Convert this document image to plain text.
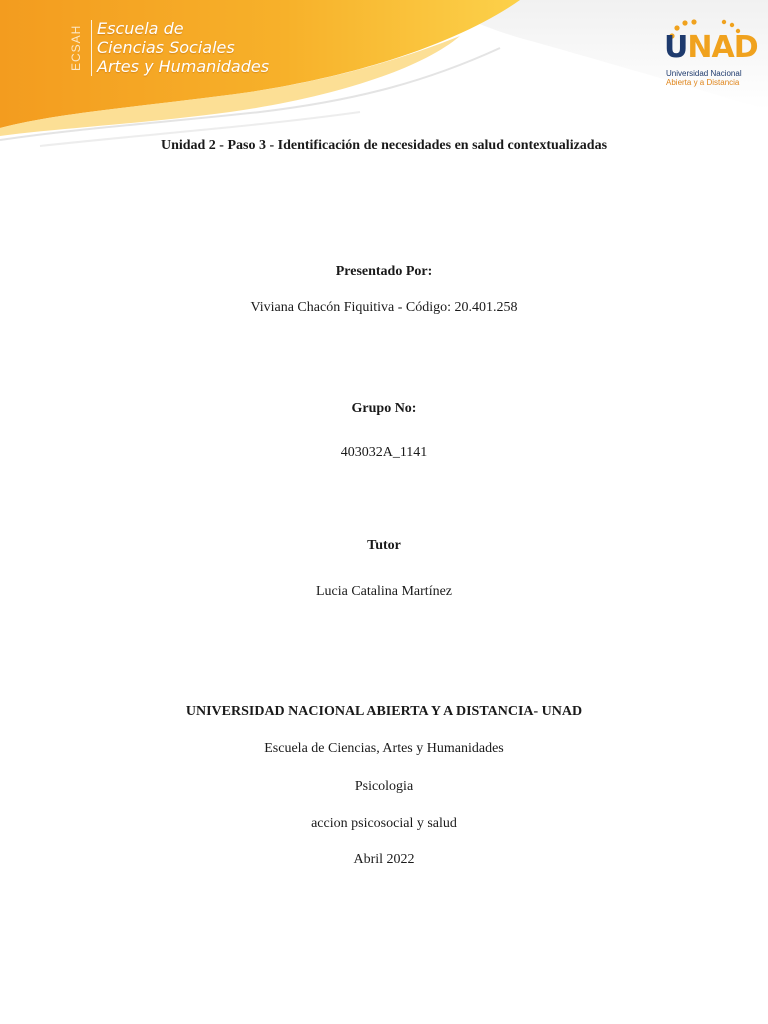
ECSAH Escuela de
Ciencias Sociales
Artes y Humanidades
UNAD
Universidad Nacional
Abierta y a Distancia
Unidad 2 - Paso 3 - Identificación de necesidades en salud contextualizadas
Presentado Por:
Viviana Chacón Fiquitiva - Código: 20.401.258
Grupo No:
403032A_1141
Tutor
Lucia Catalina Martínez
UNIVERSIDAD NACIONAL ABIERTA Y A DISTANCIA- UNAD
Escuela de Ciencias, Artes y Humanidades
Psicologia
accion psicosocial y salud
Abril 2022
